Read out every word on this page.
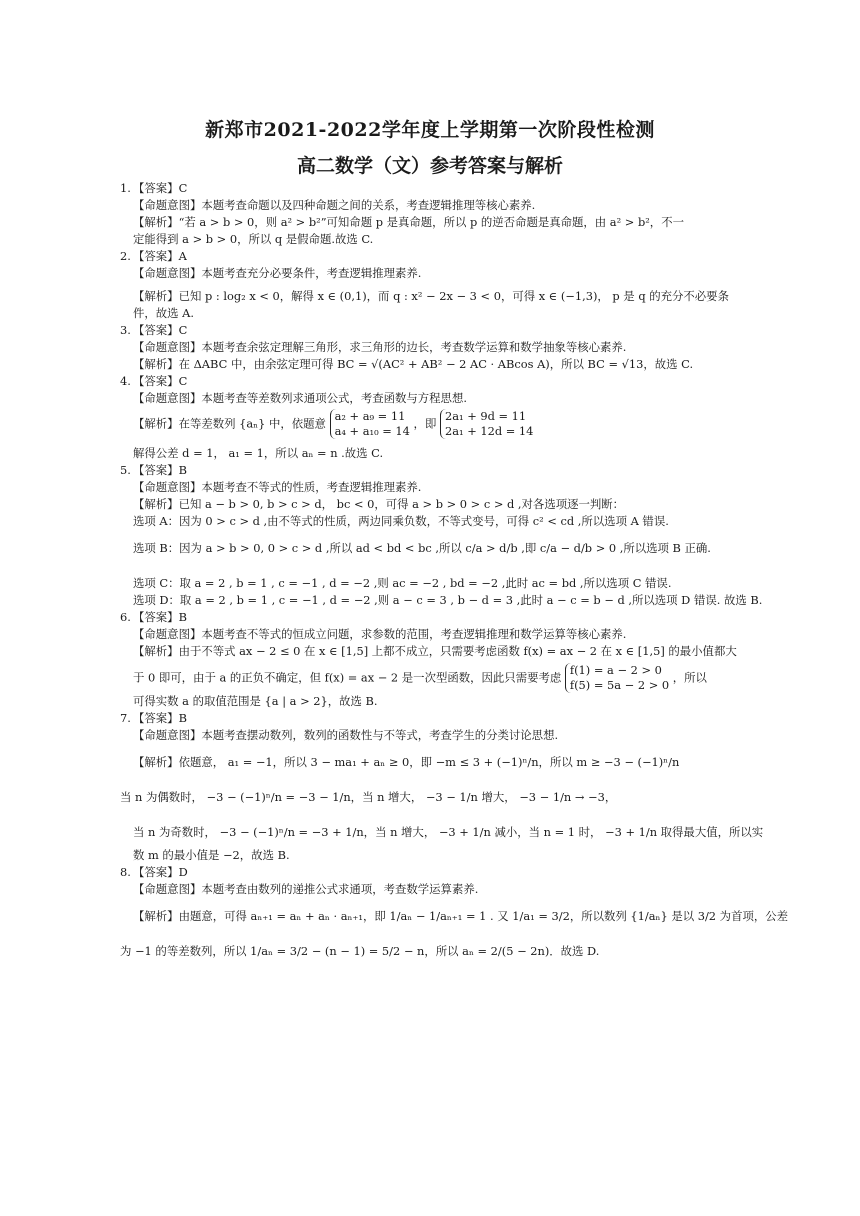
新郑市2021-2022学年度上学期第一次阶段性检测
高二数学（文）参考答案与解析
1. 【答案】C
【命题意图】本题考查命题以及四种命题之间的关系，考查逻辑推理等核心素养.
【解析】“若 a > b > 0，则 a² > b²”可知命题 p 是真命题，所以 p 的逆否命题是真命题，由 a² > b²，不一
定能得到 a > b > 0，所以 q 是假命题.故选 C.
2. 【答案】A
【命题意图】本题考查充分必要条件，考查逻辑推理素养.
【解析】已知 p : log₂ x < 0，解得 x ∈ (0,1)，而 q : x² − 2x − 3 < 0，可得 x ∈ (−1,3)， p 是 q 的充分不必要条
件，故选 A.
3. 【答案】C
【命题意图】本题考查余弦定理解三角形，求三角形的边长，考查数学运算和数学抽象等核心素养.
【解析】在 ΔABC 中，由余弦定理可得 BC = √(AC² + AB² − 2 AC · ABcos A)，所以 BC = √13，故选 C.
4. 【答案】C
【命题意图】本题考查等差数列求通项公式，考查函数与方程思想.
【解析】在等差数列 {aₙ} 中，依题意
a₂ + a₉ = 11
a₄ + a₁₀ = 14
，即
2a₁ + 9d = 11
2a₁ + 12d = 14
解得公差 d = 1， a₁ = 1，所以 aₙ = n .故选 C.
5. 【答案】B
【命题意图】本题考查不等式的性质，考查逻辑推理素养.
【解析】已知 a − b > 0, b > c > d， bc < 0，可得 a > b > 0 > c > d ,对各选项逐一判断：
选项 A：因为 0 > c > d ,由不等式的性质，两边同乘负数，不等式变号，可得 c² < cd ,所以选项 A 错误.
选项 B：因为 a > b > 0, 0 > c > d ,所以 ad < bd < bc ,所以 c/a > d/b ,即 c/a − d/b > 0 ,所以选项 B 正确.
选项 C：取 a = 2 , b = 1 , c = −1 , d = −2 ,则 ac = −2 , bd = −2 ,此时 ac = bd ,所以选项 C 错误.
选项 D：取 a = 2 , b = 1 , c = −1 , d = −2 ,则 a − c = 3 , b − d = 3 ,此时 a − c = b − d ,所以选项 D 错误. 故选 B.
6. 【答案】B
【命题意图】本题考查不等式的恒成立问题，求参数的范围，考查逻辑推理和数学运算等核心素养.
【解析】由于不等式 ax − 2 ≤ 0 在 x ∈ [1,5] 上都不成立，只需要考虑函数 f(x) = ax − 2 在 x ∈ [1,5] 的最小值都大
于 0 即可，由于 a 的正负不确定，但 f(x) = ax − 2 是一次型函数，因此只需要考虑
f(1) = a − 2 > 0
f(5) = 5a − 2 > 0
，所以
可得实数 a 的取值范围是 {a | a > 2}，故选 B.
7. 【答案】B
【命题意图】本题考查摆动数列，数列的函数性与不等式，考查学生的分类讨论思想.
【解析】依题意， a₁ = −1，所以 3 − ma₁ + aₙ ≥ 0，即 −m ≤ 3 + (−1)ⁿ/n，所以 m ≥ −3 − (−1)ⁿ/n
当 n 为偶数时， −3 − (−1)ⁿ/n = −3 − 1/n，当 n 增大， −3 − 1/n 增大， −3 − 1/n → −3，
当 n 为奇数时， −3 − (−1)ⁿ/n = −3 + 1/n，当 n 增大， −3 + 1/n 减小，当 n = 1 时， −3 + 1/n 取得最大值，所以实
数 m 的最小值是 −2，故选 B.
8. 【答案】D
【命题意图】本题考查由数列的递推公式求通项，考查数学运算素养.
【解析】由题意，可得 aₙ₊₁ = aₙ + aₙ · aₙ₊₁，即 1/aₙ − 1/aₙ₊₁ = 1 . 又 1/a₁ = 3/2，所以数列 {1/aₙ} 是以 3/2 为首项，公差
为 −1 的等差数列，所以 1/aₙ = 3/2 − (n − 1) = 5/2 − n，所以 aₙ = 2/(5 − 2n)．故选 D.
